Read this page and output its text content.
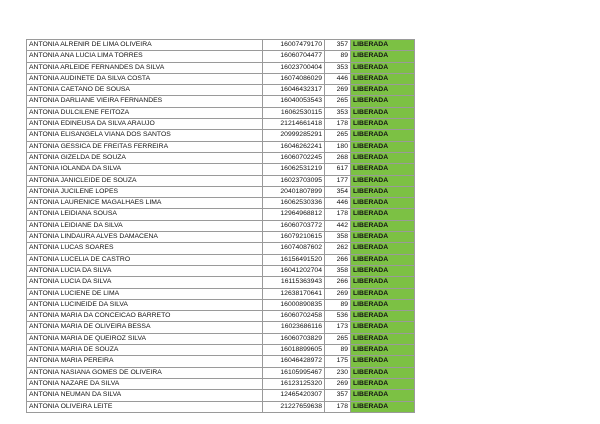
ANTONIA ALRENIR DE LIMA OLIVEIRA	16007479170	357	LIBERADA
ANTONIA ANA LUCIA LIMA TORRES	16060704477	89	LIBERADA
ANTONIA ARLEIDE FERNANDES DA SILVA	16023700404	353	LIBERADA
ANTONIA AUDINETE DA SILVA COSTA	16074086029	446	LIBERADA
ANTONIA CAETANO DE SOUSA	16046432317	269	LIBERADA
ANTONIA DARLIANE VIEIRA FERNANDES	16040053543	265	LIBERADA
ANTONIA DULCILENE FEITOZA	16062530115	353	LIBERADA
ANTONIA EDINEUSA DA SILVA ARAUJO	21214661418	178	LIBERADA
ANTONIA ELISANGELA VIANA DOS SANTOS	20999285291	265	LIBERADA
ANTONIA GESSICA DE FREITAS FERREIRA	16046262241	180	LIBERADA
ANTONIA GIZELDA DE SOUZA	16060702245	268	LIBERADA
ANTONIA IOLANDA DA SILVA	16062531219	617	LIBERADA
ANTONIA JANICLEIDE DE SOUZA	16023703095	177	LIBERADA
ANTONIA JUCILENE LOPES	20401807899	354	LIBERADA
ANTONIA LAURENICE MAGALHAES LIMA	16062530336	446	LIBERADA
ANTONIA LEIDIANA SOUSA	12964968812	178	LIBERADA
ANTONIA LEIDIANE DA SILVA	16060703772	442	LIBERADA
ANTONIA LINDAURA ALVES DAMACENA	16079210615	358	LIBERADA
ANTONIA LUCAS SOARES	16074087602	262	LIBERADA
ANTONIA LUCELIA DE CASTRO	16156491520	266	LIBERADA
ANTONIA LUCIA DA SILVA	16041202704	358	LIBERADA
ANTONIA LUCIA DA SILVA	16115363943	266	LIBERADA
ANTONIA LUCIENE DE LIMA	12638170641	269	LIBERADA
ANTONIA LUCINEIDE DA SILVA	16000890835	89	LIBERADA
ANTONIA MARIA DA CONCEICAO BARRETO	16060702458	536	LIBERADA
ANTONIA MARIA DE OLIVEIRA BESSA	16023686116	173	LIBERADA
ANTONIA MARIA DE QUEIROZ SILVA	16060703829	265	LIBERADA
ANTONIA MARIA DE SOUZA	16018899605	89	LIBERADA
ANTONIA MARIA PEREIRA	16046428972	175	LIBERADA
ANTONIA NASIANA GOMES DE OLIVEIRA	16105995467	230	LIBERADA
ANTONIA NAZARE DA SILVA	16123125320	269	LIBERADA
ANTONIA NEUMAN DA SILVA	12465420307	357	LIBERADA
ANTONIA OLIVEIRA LEITE	21227659638	178	LIBERADA
